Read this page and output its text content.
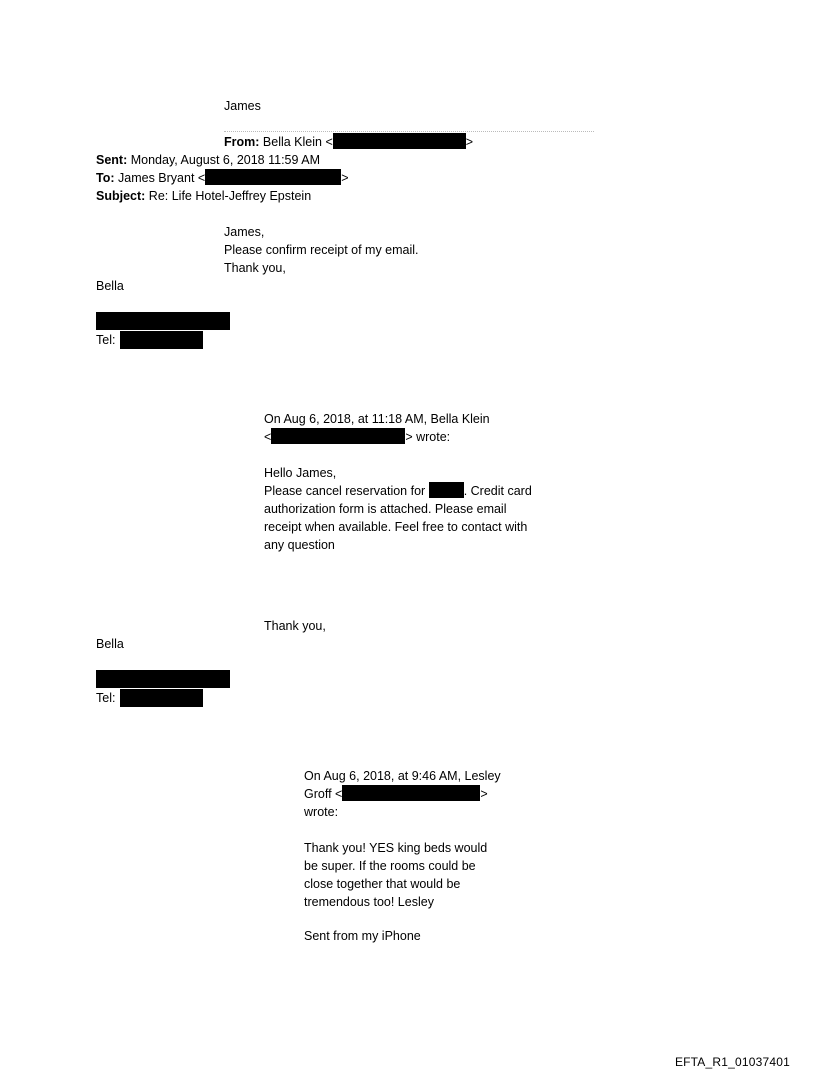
James
From: Bella Klein <	>
Sent: Monday, August 6, 2018 11:59 AM
To: James Bryant <	>
Subject: Re: Life Hotel-Jeffrey Epstein
James,
Please confirm receipt of my email.
Thank you,
Bella
Tel:
On Aug 6, 2018, at 11:18 AM, Bella Klein
<	> wrote:
Hello James,
Please cancel reservation for	. Credit card
authorization form is attached. Please email
receipt when available. Feel free to contact with
any question
Thank you,
Bella
Tel:
On Aug 6, 2018, at 9:46 AM, Lesley
Groff <	>
wrote:
Thank you! YES king beds would
be super. If the rooms could be
close together that would be
tremendous too! Lesley
Sent from my iPhone
EFTA_R1_01037401
